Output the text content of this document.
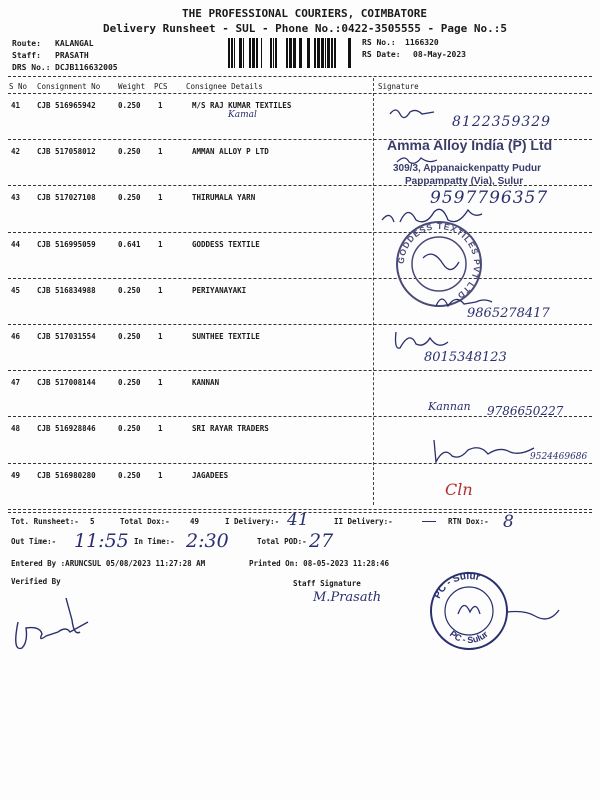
THE PROFESSIONAL COURIERS, COIMBATORE
Delivery Runsheet - SUL - Phone No.:0422-3505555 - Page No.:5
Route: KALANGAL
Staff: PRASATH
DRS No.: DCJB116632005
RS No.: 1166320
RS Date: 08-May-2023
S No Consignment No Weight PCS Consignee Details	Signature
41 CJB 516965942	0.250 1	M/S RAJ KUMAR TEXTILES
42 CJB 517058012	0.250 1	AMMAN ALLOY P LTD
43 CJB 517027108	0.250 1	THIRUMALA YARN
44 CJB 516995059	0.641 1	GODDESS TEXTILE
45 CJB 516834988	0.250 1	PERIYANAYAKI
46 CJB 517031554	0.250 1	SUNTHEE TEXTILE
47 CJB 517008144	0.250 1	KANNAN
48 CJB 516928846	0.250 1	SRI RAYAR TRADERS
49 CJB 516980280	0.250 1	JAGADEES
Kamal	8122359329
Amma Alloy India (P) Ltd
309/3, Appanaickenpatty Pudur
Pappampatty (Via), Sulur
9597796357
GODDESS TEXTILES PVT LTD
9865278417
8015348123
Kannan 9786650227
9524469686
Cln
Tot. Runsheet:- 5	Total Dox:-	49	I Delivery:- 41	II Delivery:-	RTN Dox:- 8
Out Time:- 11:55 In Time:- 2:30	Total POD:- 27
Entered By :ARUNCSUL 05/08/2023 11:27:28 AM	Printed On: 08-05-2023 11:28:46
Verified By	Staff Signature
M.Prasath	PC - Sulur
PC - Sulur
